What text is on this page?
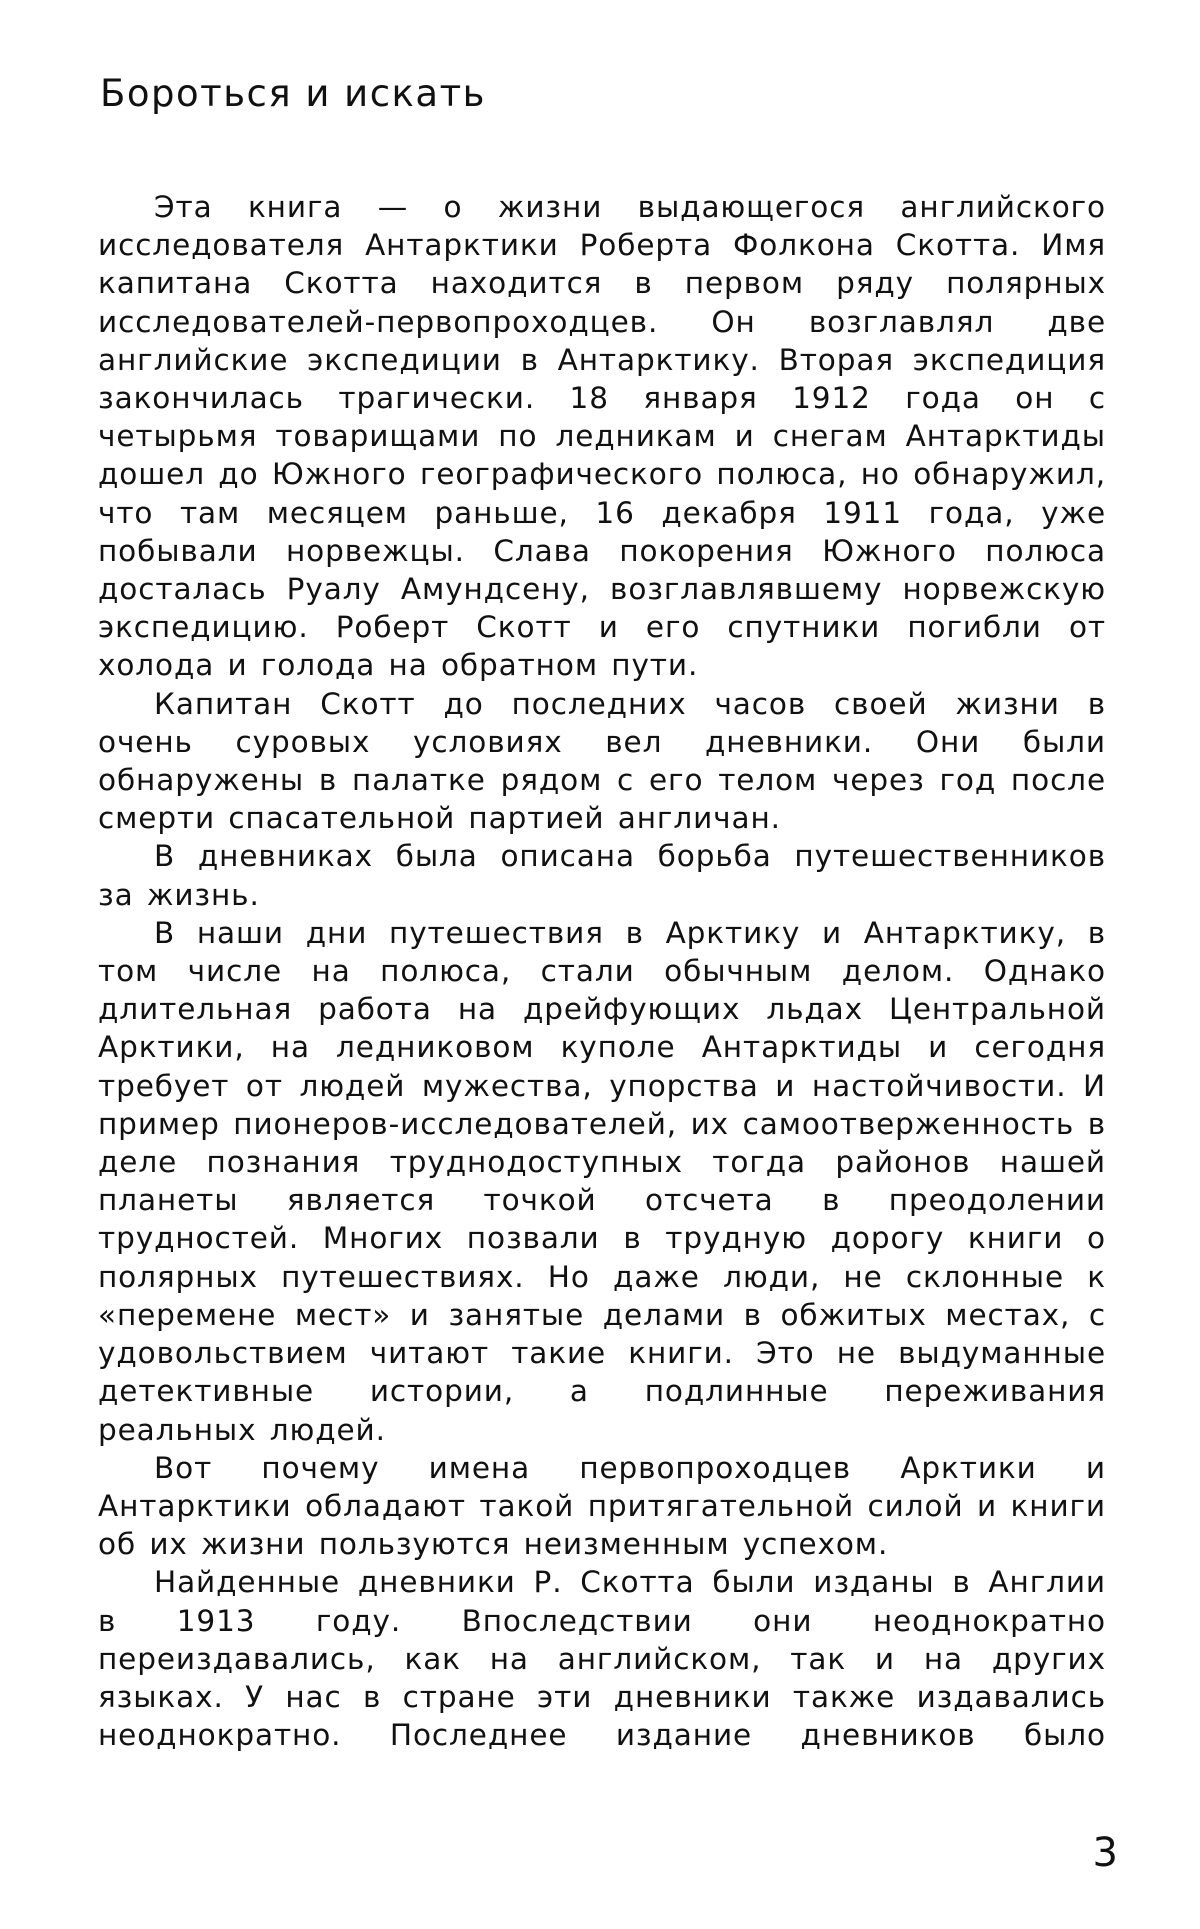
Бороться и искать

Эта книга — о жизни выдающегося английского исследователя Антарктики Роберта Фолкона Скотта. Имя капитана Скотта находится в первом ряду полярных исследователей-первопроходцев. Он возглавлял две английские экспедиции в Антарктику. Вторая экспедиция закончилась трагически. 18 января 1912 года он с четырьмя товарищами по ледникам и снегам Антарктиды дошел до Южного географического полюса, но обнаружил, что там месяцем раньше, 16 декабря 1911 года, уже побывали норвежцы. Слава покорения Южного полюса досталась Руалу Амундсену, возглавлявшему норвежскую экспедицию. Роберт Скотт и его спутники погибли от холода и голода на обратном пути.

Капитан Скотт до последних часов своей жизни в очень суровых условиях вел дневники. Они были обнаружены в палатке рядом с его телом через год после смерти спасательной партией англичан.

В дневниках была описана борьба путешественников за жизнь.

В наши дни путешествия в Арктику и Антарктику, в том числе на полюса, стали обычным делом. Однако длительная работа на дрейфующих льдах Центральной Арктики, на ледниковом куполе Антарктиды и сегодня требует от людей мужества, упорства и настойчивости. И пример пионеров-исследователей, их самоотверженность в деле познания труднодоступных тогда районов нашей планеты является точкой отсчета в преодолении трудностей. Многих позвали в трудную дорогу книги о полярных путешествиях. Но даже люди, не склонные к «перемене мест» и занятые делами в обжитых местах, с удовольствием читают такие книги. Это не выдуманные детективные истории, а подлинные переживания реальных людей.

Вот почему имена первопроходцев Арктики и Антарктики обладают такой притягательной силой и книги об их жизни пользуются неизменным успехом.

Найденные дневники Р. Скотта были изданы в Англии в 1913 году. Впоследствии они неоднократно переиздавались, как на английском, так и на других языках. У нас в стране эти дневники также издавались неоднократно. Последнее издание дневников было

3
